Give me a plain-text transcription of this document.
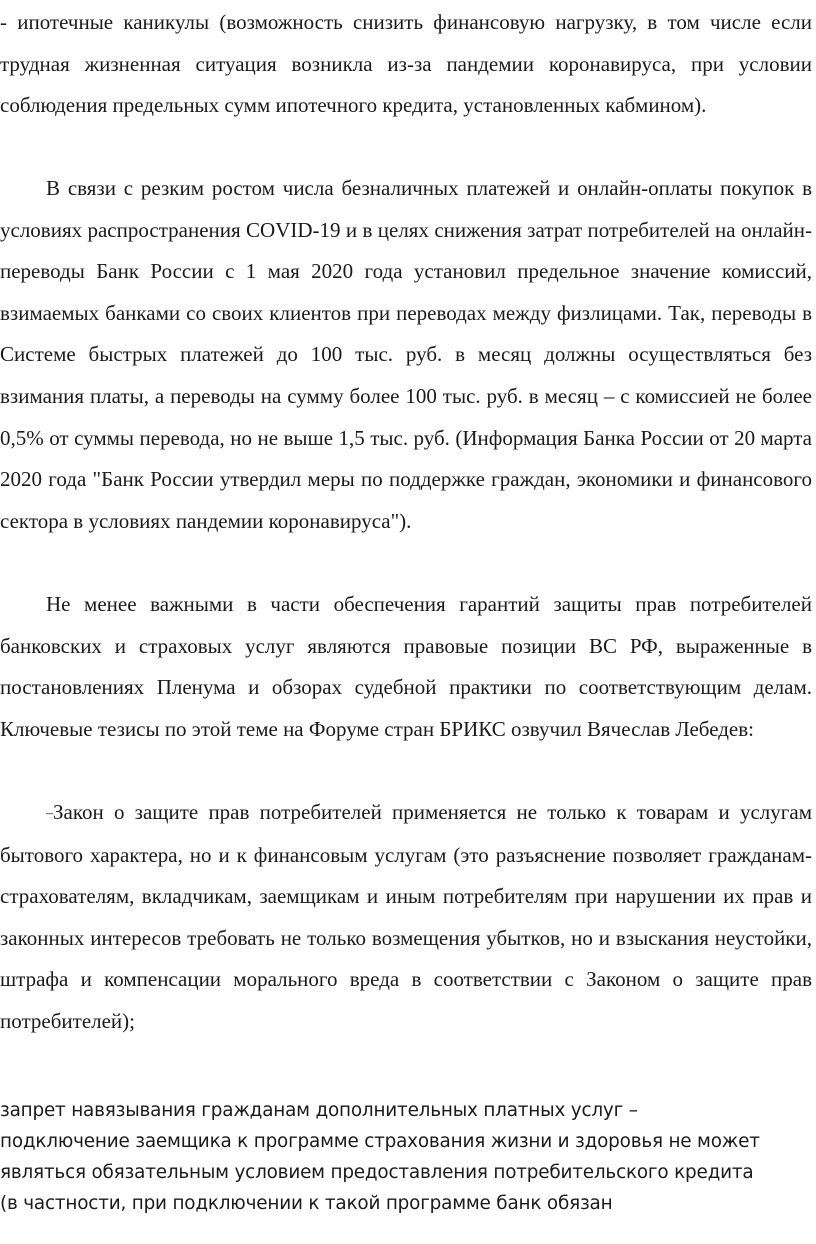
- ипотечные каникулы (возможность снизить финансовую нагрузку, в том числе если трудная жизненная ситуация возникла из-за пандемии коронавируса, при условии соблюдения предельных сумм ипотечного кредита, установленных кабмином).

В связи с резким ростом числа безналичных платежей и онлайн-оплаты покупок в условиях распространения COVID-19 и в целях снижения затрат потребителей на онлайн-переводы Банк России с 1 мая 2020 года установил предельное значение комиссий, взимаемых банками со своих клиентов при переводах между физлицами. Так, переводы в Системе быстрых платежей до 100 тыс. руб. в месяц должны осуществляться без взимания платы, а переводы на сумму более 100 тыс. руб. в месяц – с комиссией не более 0,5% от суммы перевода, но не выше 1,5 тыс. руб. (Информация Банка России от 20 марта 2020 года "Банк России утвердил меры по поддержке граждан, экономики и финансового сектора в условиях пандемии коронавируса").

Не менее важными в части обеспечения гарантий защиты прав потребителей банковских и страховых услуг являются правовые позиции ВС РФ, выраженные в постановлениях Пленума и обзорах судебной практики по соответствующим делам. Ключевые тезисы по этой теме на Форуме стран БРИКС озвучил Вячеслав Лебедев:

–Закон о защите прав потребителей применяется не только к товарам и услугам бытового характера, но и к финансовым услугам (это разъяснение позволяет гражданам-страхователям, вкладчикам, заемщикам и иным потребителям при нарушении их прав и законных интересов требовать не только возмещения убытков, но и взыскания неустойки, штрафа и компенсации морального вреда в соответствии с Законом о защите прав потребителей);

запрет навязывания гражданам дополнительных платных услуг –
подключение заемщика к программе страхования жизни и здоровья не может
являться обязательным условием предоставления потребительского кредита
(в частности, при подключении к такой программе банк обязан
